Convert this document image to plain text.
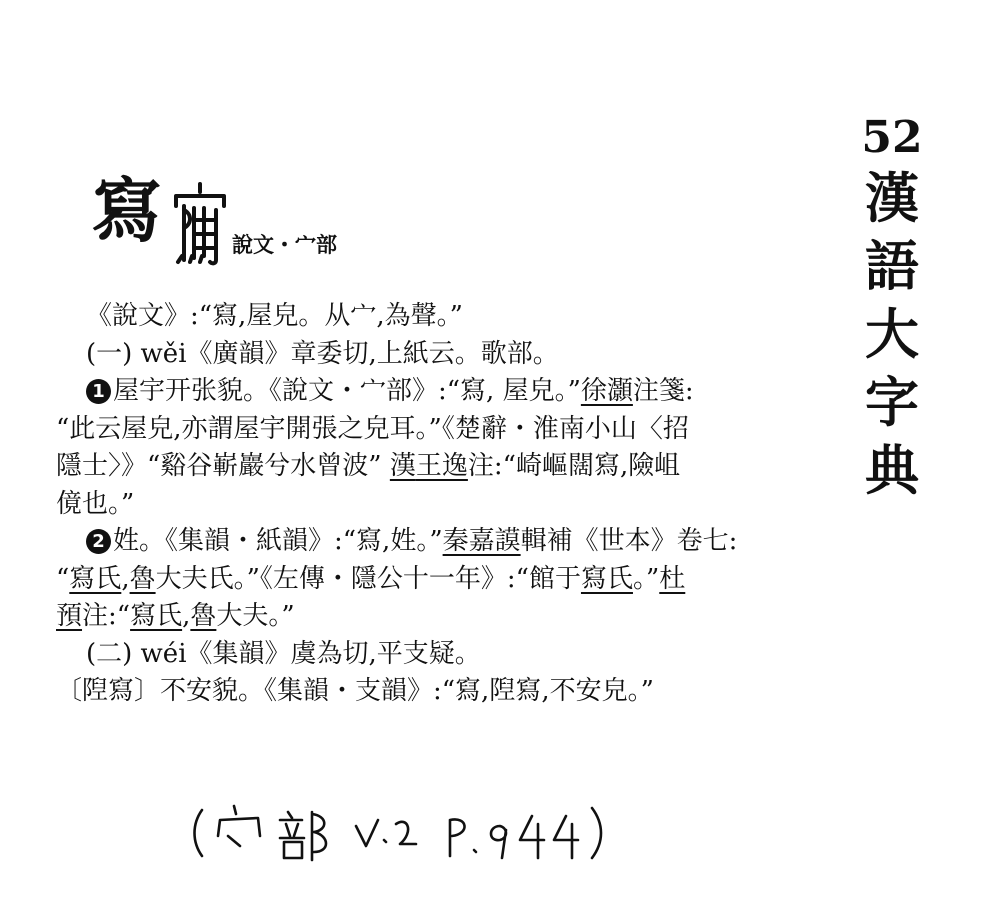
寫	說文・宀部
52
漢語大字典
《說文》:“寫,屋皃。从宀,為聲。”
(一) wěi《廣韻》章委切,上紙云。歌部。
1 屋宇开张貌。《說文・宀部》:“寫, 屋皃。”徐灝注箋:
“此云屋皃,亦謂屋宇開張之皃耳。”《楚辭・淮南小山〈招
隱士〉》“谿谷嶄巖兮水曾波” 漢王逸注:“崎嶇闊寫,險岨
傹也。”
2 姓。《集韻・紙韻》:“寫,姓。”秦嘉謨輯補《世本》卷七:
“寫氏,魯大夫氏。”《左傳・隱公十一年》:“館于寫氏。”杜
預注:“寫氏,魯大夫。”
(二) wéi《集韻》虞為切,平支疑。
〔隉寫〕不安貌。《集韻・支韻》:“寫,隉寫,不安皃。”
